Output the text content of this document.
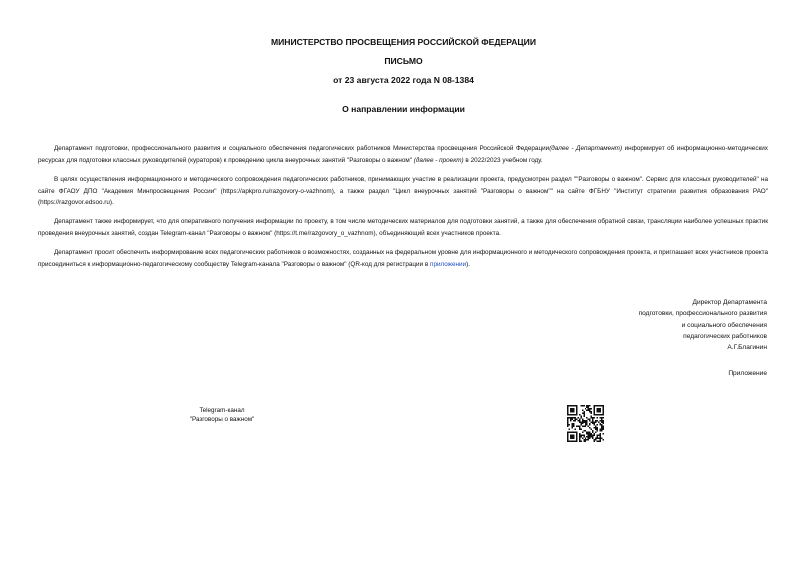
МИНИСТЕРСТВО ПРОСВЕЩЕНИЯ РОССИЙСКОЙ ФЕДЕРАЦИИ
ПИСЬМО
от 23 августа 2022 года N 08-1384
О направлении информации

Департамент подготовки, профессионального развития и социального обеспечения педагогических работников Министерства просвещения Российской Федерации(далее - Департамент) информирует об информационно-методических ресурсах для подготовки классных руководителей (кураторов) к проведению цикла внеурочных занятий "Разговоры о важном" (далее - проект) в 2022/2023 учебном году.

В целях осуществления информационного и методического сопровождения педагогических работников, принимающих участие в реализации проекта, предусмотрен раздел ""Разговоры о важном". Сервис для классных руководителей" на сайте ФГАОУ ДПО "Академия Минпросвещения России" (https://apkpro.ru/razgovory-o-vazhnom), а также раздел "Цикл внеурочных занятий "Разговоры о важном"" на сайте ФГБНУ "Институт стратегии развития образования РАО" (https://razgovor.edsoo.ru).

Департамент также информирует, что для оперативного получения информации по проекту, в том числе методических материалов для подготовки занятий, а также для обеспечения обратной связи, трансляции наиболее успешных практик проведения внеурочных занятий, создан Telegram-канал "Разговоры о важном" (https://t.me/razgovory_o_vazhnom), объединяющий всех участников проекта.

Департамент просит обеспечить информирование всех педагогических работников о возможностях, созданных на федеральном уровне для информационного и методического сопровождения проекта, и приглашает всех участников проекта присоединиться к информационно-педагогическому сообществу Telegram-канала "Разговоры о важном" (QR-код для регистрации в приложении).

Директор Департамента
подготовки, профессионального развития
и социального обеспечения
педагогических работников
А.Г.Благинин
Приложение
Telegram-канал
"Разговоры о важном"
